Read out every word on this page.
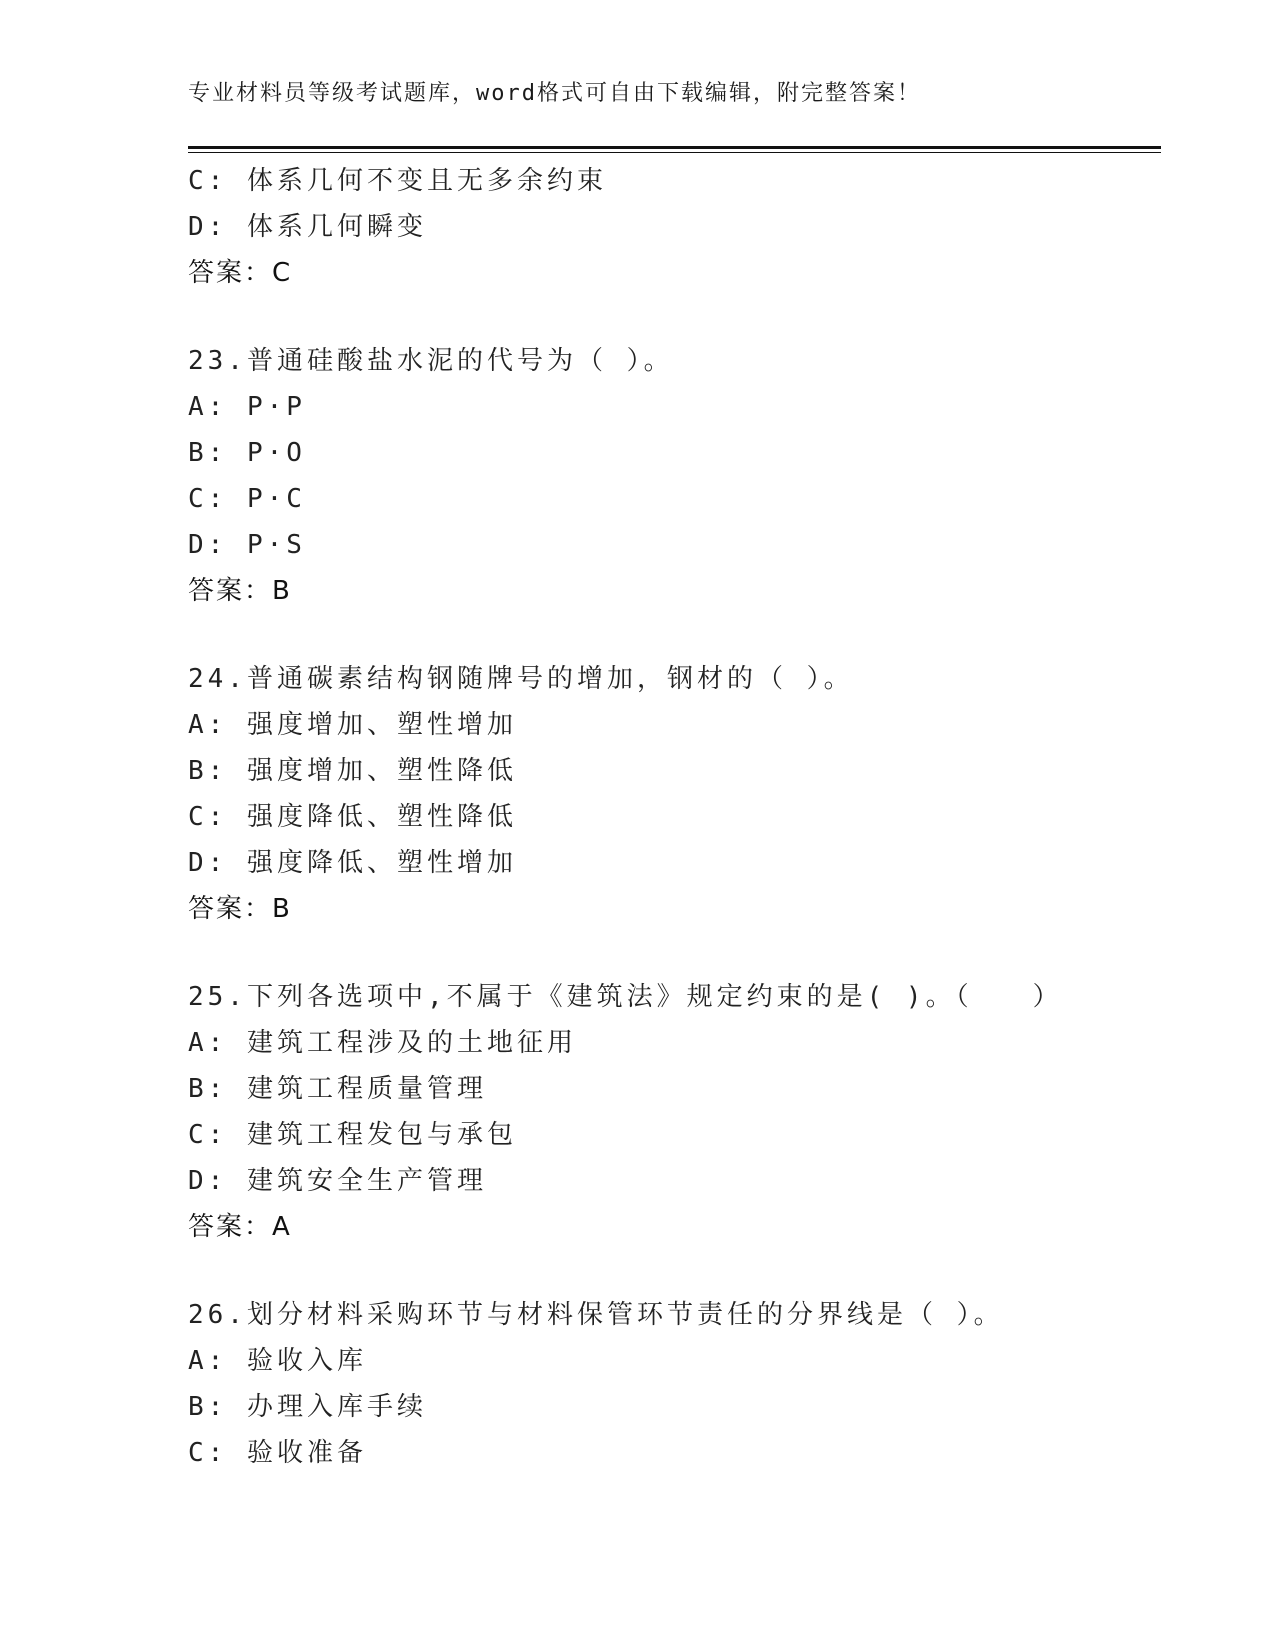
专业材料员等级考试题库，word格式可自由下载编辑，附完整答案！
C: 体系几何不变且无多余约束
D: 体系几何瞬变
答案：C
23.普通硅酸盐水泥的代号为（ ）。
A: P·P
B: P·O
C: P·C
D: P·S
答案：B
24.普通碳素结构钢随牌号的增加，钢材的（ ）。
A: 强度增加、塑性增加
B: 强度增加、塑性降低
C: 强度降低、塑性降低
D: 强度降低、塑性增加
答案：B
25.下列各选项中,不属于《建筑法》规定约束的是( )。（　　）
A: 建筑工程涉及的土地征用
B: 建筑工程质量管理
C: 建筑工程发包与承包
D: 建筑安全生产管理
答案：A
26.划分材料采购环节与材料保管环节责任的分界线是（ ）。
A: 验收入库
B: 办理入库手续
C: 验收准备
